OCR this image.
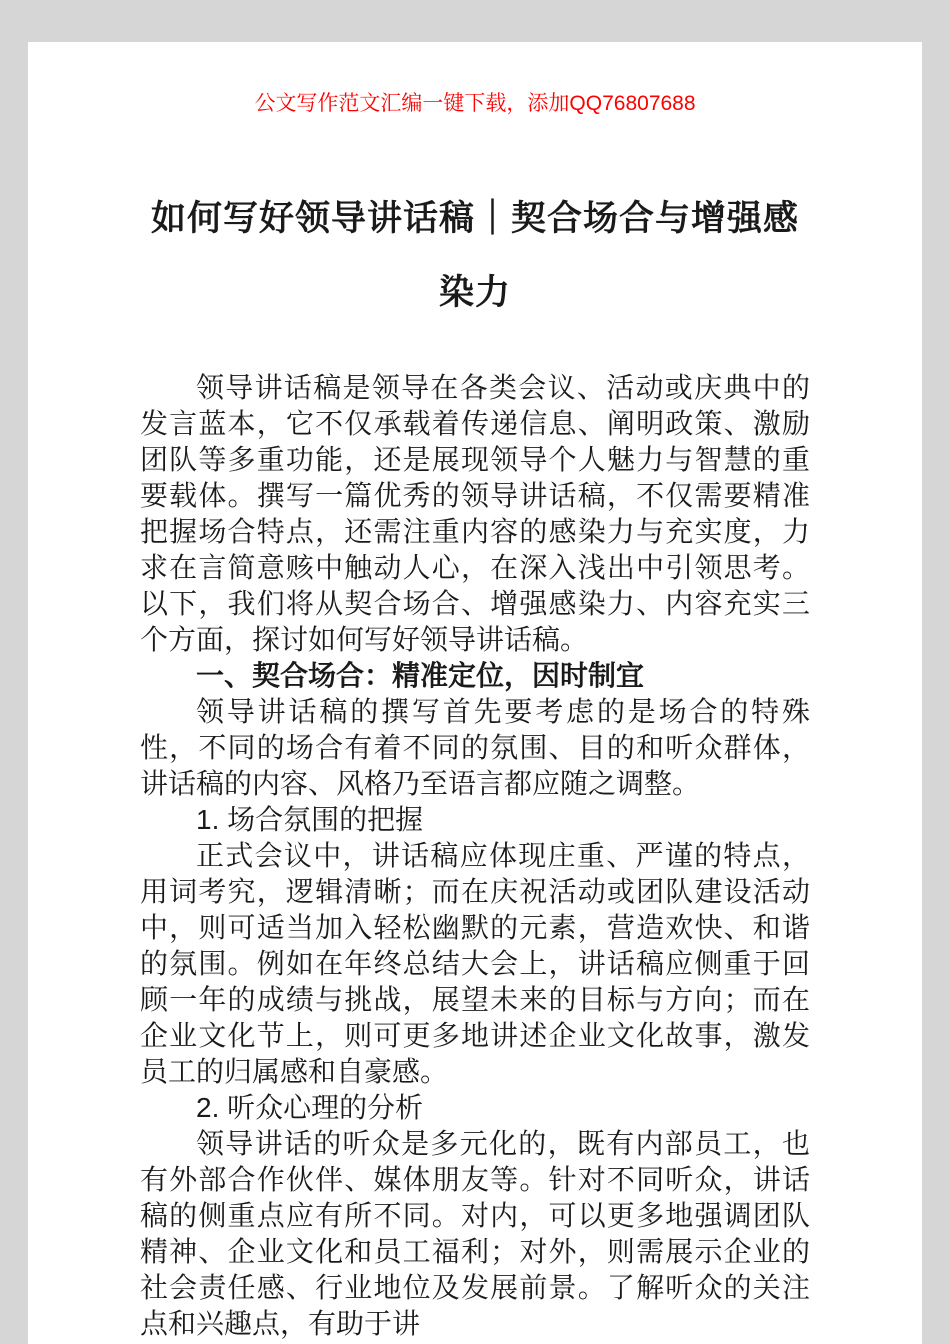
公文写作范文汇编一键下载，添加QQ76807688
如何写好领导讲话稿｜契合场合与增强感
染力

领导讲话稿是领导在各类会议、活动或庆典中的发言蓝本，它不仅承载着传递信息、阐明政策、激励团队等多重功能，还是展现领导个人魅力与智慧的重要载体。撰写一篇优秀的领导讲话稿，不仅需要精准把握场合特点，还需注重内容的感染力与充实度，力求在言简意赅中触动人心，在深入浅出中引领思考。以下，我们将从契合场合、增强感染力、内容充实三个方面，探讨如何写好领导讲话稿。

一、契合场合：精准定位，因时制宜

领导讲话稿的撰写首先要考虑的是场合的特殊性，不同的场合有着不同的氛围、目的和听众群体，讲话稿的内容、风格乃至语言都应随之调整。

1. 场合氛围的把握

正式会议中，讲话稿应体现庄重、严谨的特点，用词考究，逻辑清晰；而在庆祝活动或团队建设活动中，则可适当加入轻松幽默的元素，营造欢快、和谐的氛围。例如在年终总结大会上，讲话稿应侧重于回顾一年的成绩与挑战，展望未来的目标与方向；而在企业文化节上，则可更多地讲述企业文化故事，激发员工的归属感和自豪感。

2. 听众心理的分析

领导讲话的听众是多元化的，既有内部员工，也有外部合作伙伴、媒体朋友等。针对不同听众，讲话稿的侧重点应有所不同。对内，可以更多地强调团队精神、企业文化和员工福利；对外，则需展示企业的社会责任感、行业地位及发展前景。了解听众的关注点和兴趣点，有助于讲
